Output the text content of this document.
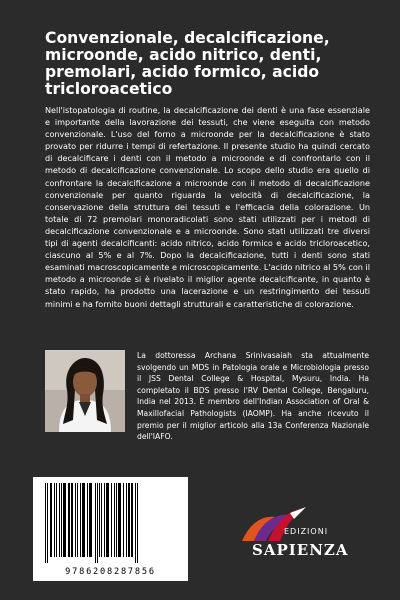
Convenzionale, decalcificazione, microonde, acido nitrico, denti, premolari, acido formico, acido tricloroacetico

Nell'istopatologia di routine, la decalcificazione dei denti è una fase essenziale e importante della lavorazione dei tessuti, che viene eseguita con metodo convenzionale. L'uso del forno a microonde per la decalcificazione è stato provato per ridurre i tempi di refertazione. Il presente studio ha quindi cercato di decalcificare i denti con il metodo a microonde e di confrontarlo con il metodo di decalcificazione convenzionale. Lo scopo dello studio era quello di confrontare la decalcificazione a microonde con il metodo di decalcificazione convenzionale per quanto riguarda la velocità di decalcificazione, la conservazione della struttura dei tessuti e l'efficacia della colorazione. Un totale di 72 premolari monoradicolati sono stati utilizzati per i metodi di decalcificazione convenzionale e a microonde. Sono stati utilizzati tre diversi tipi di agenti decalcificanti: acido nitrico, acido formico e acido tricloroacetico, ciascuno al 5% e al 7%. Dopo la decalcificazione, tutti i denti sono stati esaminati macroscopicamente e microscopicamente. L'acido nitrico al 5% con il metodo a microonde si è rivelato il miglior agente decalcificante, in quanto è stato rapido, ha prodotto una lacerazione e un restringimento dei tessuti minimi e ha fornito buoni dettagli strutturali e caratteristiche di colorazione.

La dottoressa Archana Srinivasaiah sta attualmente svolgendo un MDS in Patologia orale e Microbiologia presso il JSS Dental College & Hospital, Mysuru, India. Ha completato il BDS presso l'RV Dental College, Bengaluru, India nel 2013. È membro dell'Indian Association of Oral & Maxillofacial Pathologists (IAOMP). Ha anche ricevuto il premio per il miglior articolo alla 13a Conferenza Nazionale dell'IAFO.

9786208287856
EDIZIONI
SAPIENZA
